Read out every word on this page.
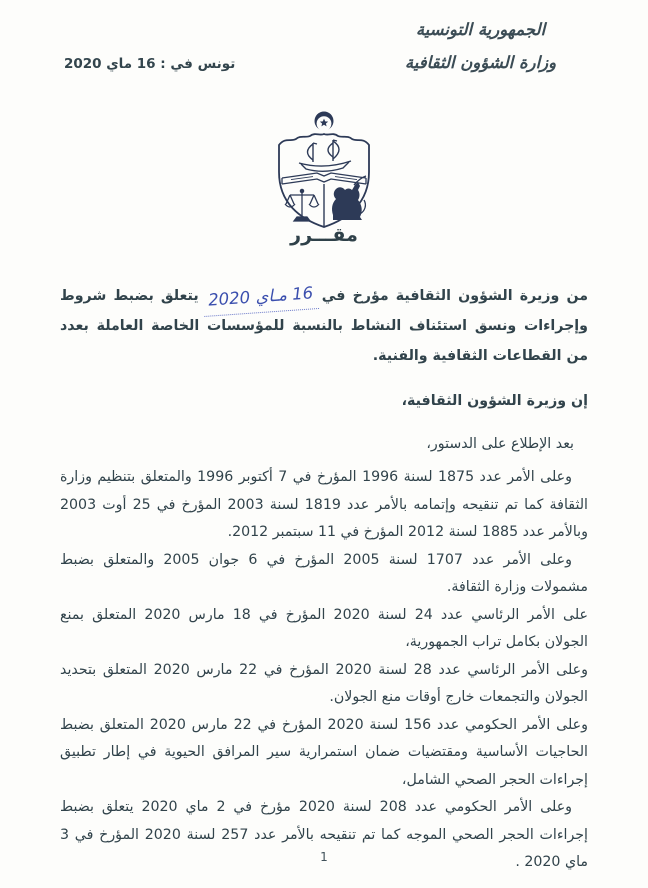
الجمهورية التونسية
وزارة الشؤون الثقافية
تونس في : 16 ماي 2020
مقـــرر

من وزيرة الشؤون الثقافية مؤرخ في16 مـاي 2020يتعلق بضبط شروط وإجراءات ونسق استئناف النشاط بالنسبة للمؤسسات الخاصة العاملة بعدد من القطاعات الثقافية والفنية.

إن وزيرة الشؤون الثقافية،

بعد الإطلاع على الدستور،

وعلى الأمر عدد 1875 لسنة 1996 المؤرخ في 7 أكتوبر 1996 والمتعلق بتنظيم وزارة الثقافة كما تم تنقيحه وإتمامه بالأمر عدد 1819 لسنة 2003 المؤرخ في 25 أوت 2003 وبالأمر عدد 1885 لسنة 2012 المؤرخ في 11 سبتمبر 2012.

وعلى الأمر عدد 1707 لسنة 2005 المؤرخ في 6 جوان 2005 والمتعلق بضبط مشمولات وزارة الثقافة.

على الأمر الرئاسي عدد 24 لسنة 2020 المؤرخ في 18 مارس 2020 المتعلق بمنع الجولان بكامل تراب الجمهورية،

وعلى الأمر الرئاسي عدد 28 لسنة 2020 المؤرخ في 22 مارس 2020 المتعلق بتحديد الجولان والتجمعات خارج أوقات منع الجولان.

وعلى الأمر الحكومي عدد 156 لسنة 2020 المؤرخ في 22 مارس 2020 المتعلق بضبط الحاجيات الأساسية ومقتضيات ضمان استمرارية سير المرافق الحيوية في إطار تطبيق إجراءات الحجر الصحي الشامل،

وعلى الأمر الحكومي عدد 208 لسنة 2020 مؤرخ في 2 ماي 2020 يتعلق بضبط إجراءات الحجر الصحي الموجه كما تم تنقيحه بالأمر عدد 257 لسنة 2020 المؤرخ في 3 ماي 2020 .

1
